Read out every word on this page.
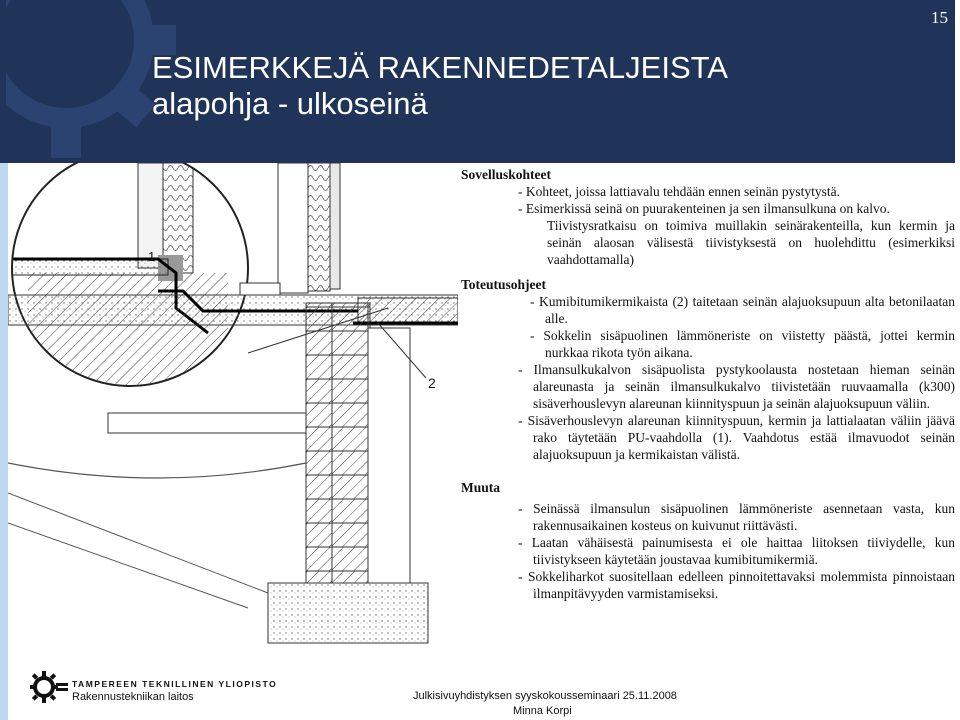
15
ESIMERKKEJÄ RAKENNEDETALJEISTA
alapohja - ulkoseinä
1
2

Sovelluskohteet

- Kohteet, joissa lattiavalu tehdään ennen seinän pystytystä.

- Esimerkissä seinä on puurakenteinen ja sen ilmansulkuna on kalvo.

Tiivistysratkaisu on toimiva muillakin seinärakenteilla, kun kermin ja seinän alaosan välisestä tiivistyksestä on huolehdittu (esimerkiksi vaahdottamalla)

Toteutusohjeet

- Kumibitumikermikaista (2) taitetaan seinän alajuoksupuun alta betonilaatan alle.

- Sokkelin sisäpuolinen lämmöneriste on viistetty päästä, jottei kermin nurkkaa rikota työn aikana.

- Ilmansulkukalvon sisäpuolista pystykoolausta nostetaan hieman seinän alareunasta ja seinän ilmansulkukalvo tiivistetään ruuvaamalla (k300) sisäverhouslevyn alareunan kiinnityspuun ja seinän alajuoksupuun väliin.

- Sisäverhouslevyn alareunan kiinnityspuun, kermin ja lattialaatan väliin jäävä rako täytetään PU-vaahdolla (1). Vaahdotus estää ilmavuodot seinän alajuoksupuun ja kermikaistan välistä.

Muuta

- Seinässä ilmansulun sisäpuolinen lämmöneriste asennetaan vasta, kun rakennusaikainen kosteus on kuivunut riittävästi.

- Laatan vähäisestä painumisesta ei ole haittaa liitoksen tiiviydelle, kun tiivistykseen käytetään joustavaa kumibitumikermiä.

- Sokkeliharkot suositellaan edelleen pinnoitettavaksi molemmista pinnoistaan ilmanpitävyyden varmistamiseksi.

TAMPEREEN TEKNILLINEN YLIOPISTO
Rakennustekniikan laitos	Julkisivuyhdistyksen syyskokousseminaari 25.11.2008
Minna Korpi
